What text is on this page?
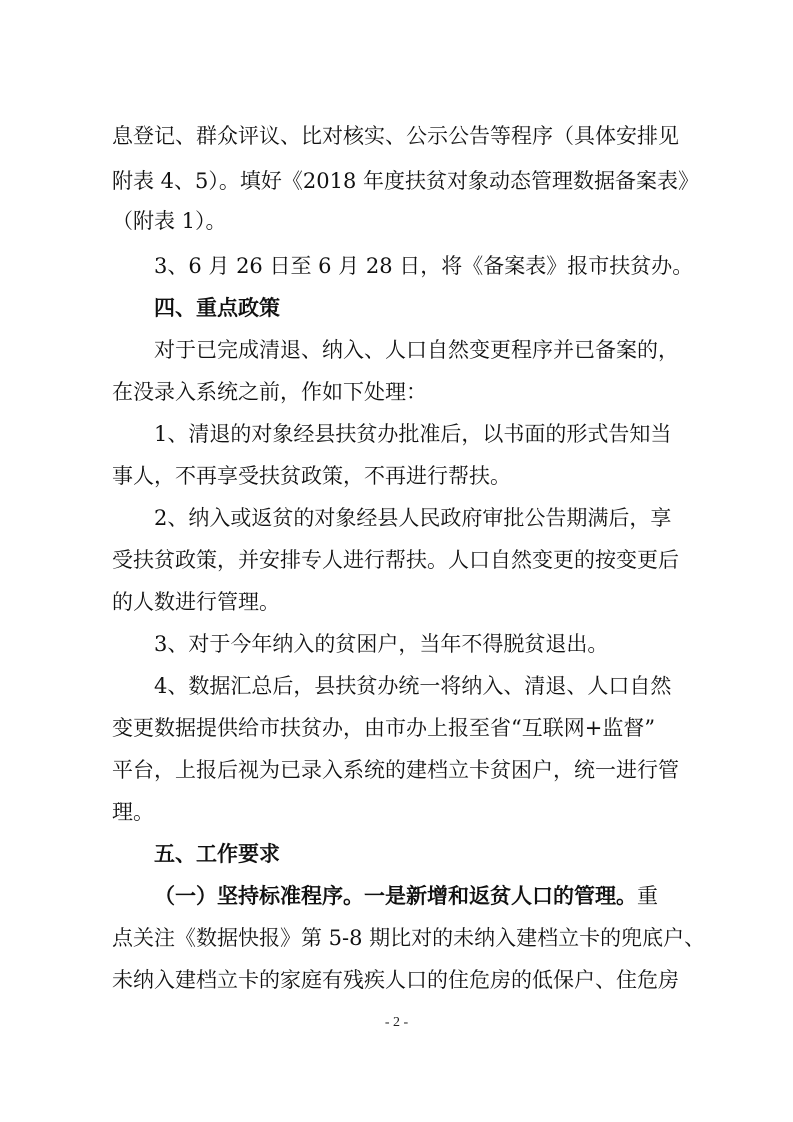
息登记、群众评议、比对核实、公示公告等程序（具体安排见
附表 4、5）。填好《2018 年度扶贫对象动态管理数据备案表》
（附表 1）。
3、6 月 26 日至 6 月 28 日，将《备案表》报市扶贫办。
四、重点政策
对于已完成清退、纳入、人口自然变更程序并已备案的，
在没录入系统之前，作如下处理：
1、清退的对象经县扶贫办批准后，以书面的形式告知当
事人，不再享受扶贫政策，不再进行帮扶。
2、纳入或返贫的对象经县人民政府审批公告期满后，享
受扶贫政策，并安排专人进行帮扶。人口自然变更的按变更后
的人数进行管理。
3、对于今年纳入的贫困户，当年不得脱贫退出。
4、数据汇总后，县扶贫办统一将纳入、清退、人口自然
变更数据提供给市扶贫办，由市办上报至省“互联网+监督”
平台，上报后视为已录入系统的建档立卡贫困户，统一进行管
理。
五、工作要求
（一）坚持标准程序。一是新增和返贫人口的管理。重
点关注《数据快报》第 5-8 期比对的未纳入建档立卡的兜底户、
未纳入建档立卡的家庭有残疾人口的住危房的低保户、住危房
- 2 -
